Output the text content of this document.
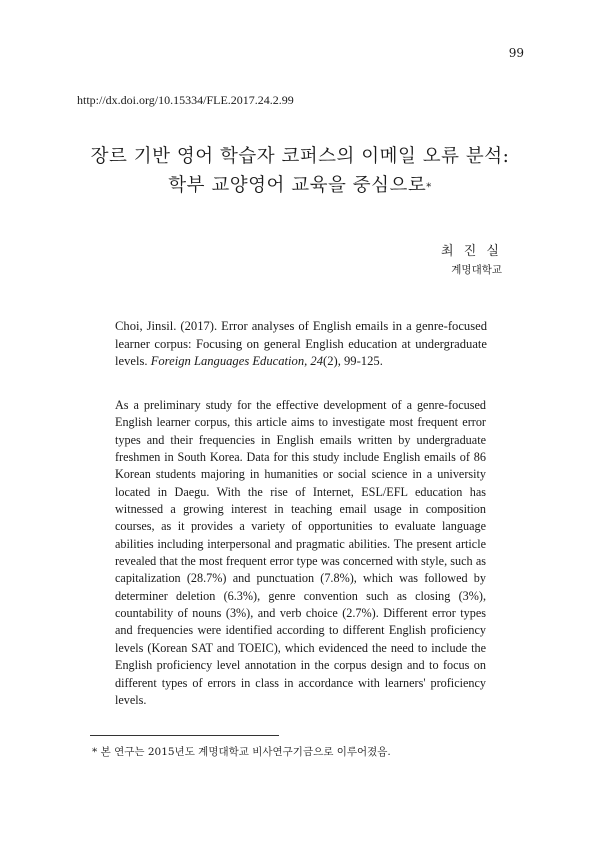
99
http://dx.doi.org/10.15334/FLE.2017.24.2.99
장르 기반 영어 학습자 코퍼스의 이메일 오류 분석:
학부 교양영어 교육을 중심으로*
최 진 실
계명대학교
Choi, Jinsil. (2017). Error analyses of English emails in a genre-focused learner corpus: Focusing on general English education at undergraduate levels. Foreign Languages Education, 24(2), 99-125.
As a preliminary study for the effective development of a genre-focused English learner corpus, this article aims to investigate most frequent error types and their frequencies in English emails written by undergraduate freshmen in South Korea. Data for this study include English emails of 86 Korean students majoring in humanities or social science in a university located in Daegu. With the rise of Internet, ESL/EFL education has witnessed a growing interest in teaching email usage in composition courses, as it provides a variety of opportunities to evaluate language abilities including interpersonal and pragmatic abilities. The present article revealed that the most frequent error type was concerned with style, such as capitalization (28.7%) and punctuation (7.8%), which was followed by determiner deletion (6.3%), genre convention such as closing (3%), countability of nouns (3%), and verb choice (2.7%). Different error types and frequencies were identified according to different English proficiency levels (Korean SAT and TOEIC), which evidenced the need to include the English proficiency level annotation in the corpus design and to focus on different types of errors in class in accordance with learners' proficiency levels.
* 본 연구는 2015년도 계명대학교 비사연구기금으로 이루어졌음.
